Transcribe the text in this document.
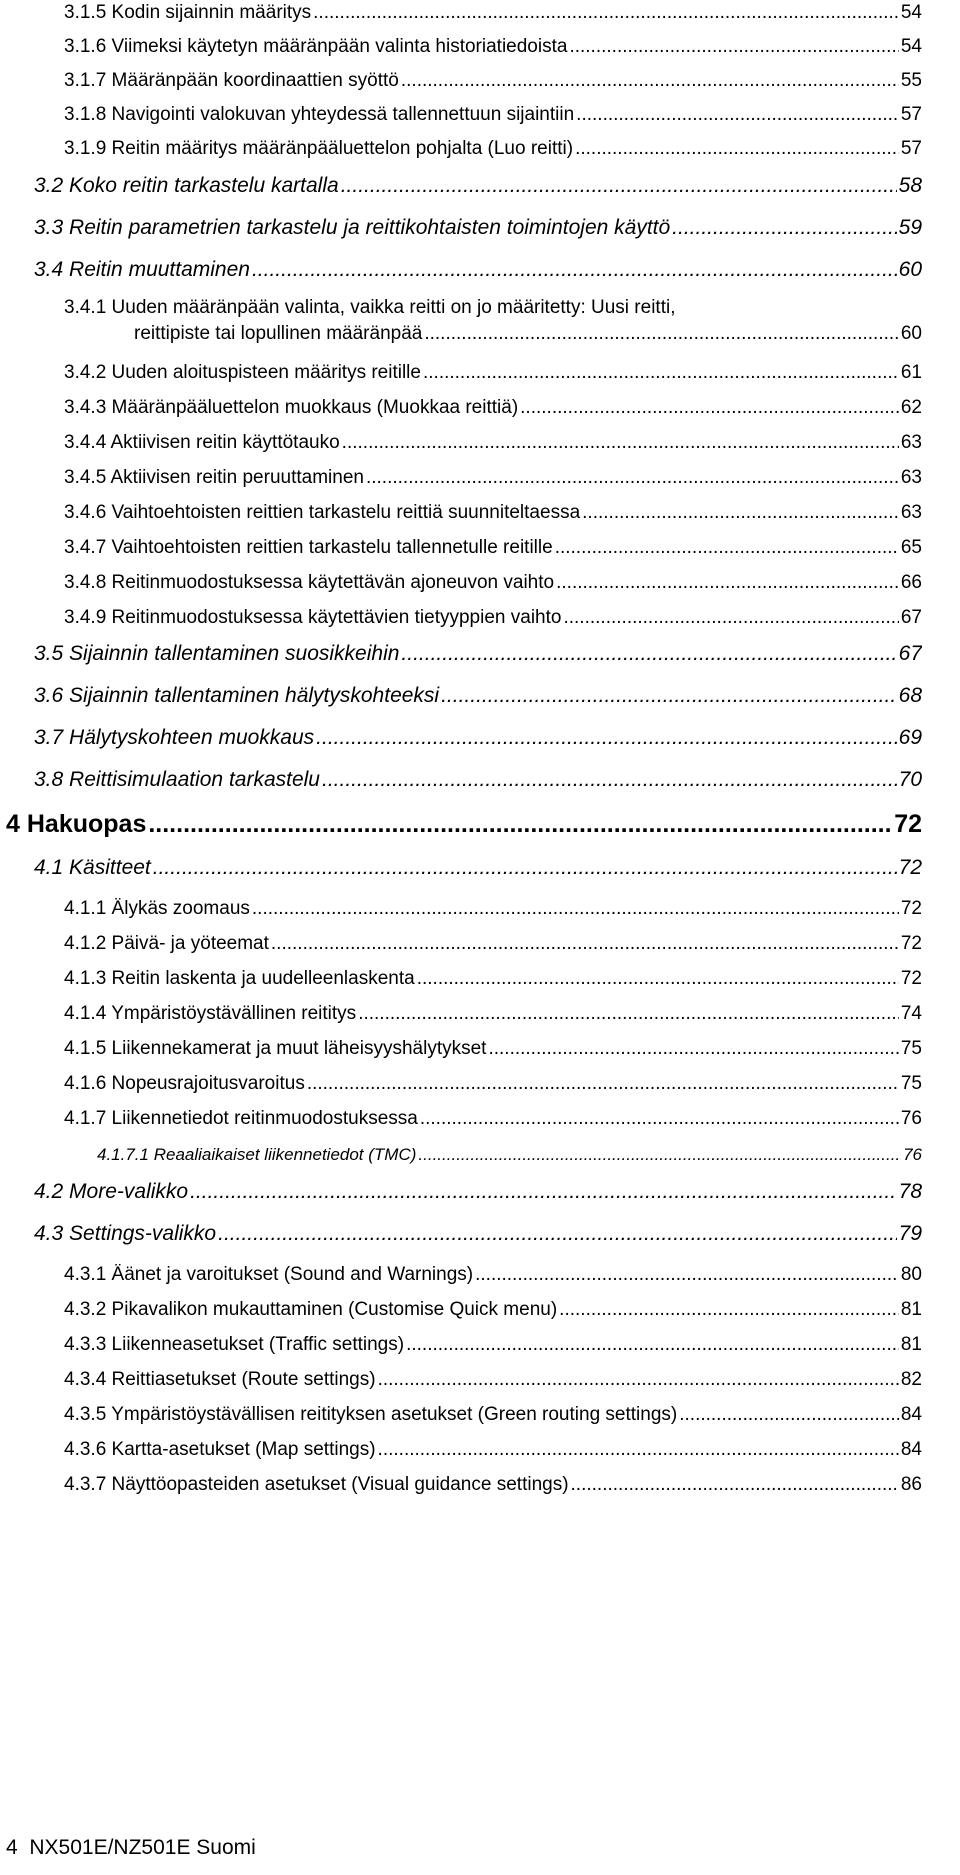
3.1.5 Kodin sijainnin määritys .....	54
3.1.6 Viimeksi käytetyn määränpään valinta historiatiedoista .....	54
3.1.7 Määränpään koordinaattien syöttö .....	55
3.1.8 Navigointi valokuvan yhteydessä tallennettuun sijaintiin .....	57
3.1.9 Reitin määritys määränpääluettelon pohjalta (Luo reitti) .....	57
3.2 Koko reitin tarkastelu kartalla .....	58
3.3 Reitin parametrien tarkastelu ja reittikohtaisten toimintojen käyttö .....	59
3.4 Reitin muuttaminen .....	60
3.4.1 Uuden määränpään valinta, vaikka reitti on jo määritetty: Uusi reitti,
reittipiste tai lopullinen määränpää .....	60
3.4.2 Uuden aloituspisteen määritys reitille .....	61
3.4.3 Määränpääluettelon muokkaus (Muokkaa reittiä) .....	62
3.4.4 Aktiivisen reitin käyttötauko .....	63
3.4.5 Aktiivisen reitin peruuttaminen .....	63
3.4.6 Vaihtoehtoisten reittien tarkastelu reittiä suunniteltaessa .....	63
3.4.7 Vaihtoehtoisten reittien tarkastelu tallennetulle reitille .....	65
3.4.8 Reitinmuodostuksessa käytettävän ajoneuvon vaihto .....	66
3.4.9 Reitinmuodostuksessa käytettävien tietyyppien vaihto .....	67
3.5 Sijainnin tallentaminen suosikkeihin .....	67
3.6 Sijainnin tallentaminen hälytyskohteeksi .....	68
3.7 Hälytyskohteen muokkaus .....	69
3.8 Reittisimulaation tarkastelu .....	70
4 Hakuopas .....	72
4.1 Käsitteet .....	72
4.1.1 Älykäs zoomaus .....	72
4.1.2 Päivä- ja yöteemat .....	72
4.1.3 Reitin laskenta ja uudelleenlaskenta .....	72
4.1.4 Ympäristöystävällinen reititys .....	74
4.1.5 Liikennekamerat ja muut läheisyyshälytykset .....	75
4.1.6 Nopeusrajoitusvaroitus .....	75
4.1.7 Liikennetiedot reitinmuodostuksessa .....	76
4.1.7.1 Reaaliaikaiset liikennetiedot (TMC) .....	76
4.2 More-valikko .....	78
4.3 Settings-valikko .....	79
4.3.1 Äänet ja varoitukset (Sound and Warnings) .....	80
4.3.2 Pikavalikon mukauttaminen (Customise Quick menu) .....	81
4.3.3 Liikenneasetukset (Traffic settings) .....	81
4.3.4 Reittiasetukset (Route settings) .....	82
4.3.5 Ympäristöystävällisen reitityksen asetukset (Green routing settings) .....	84
4.3.6 Kartta-asetukset (Map settings) .....	84
4.3.7 Näyttöopasteiden asetukset (Visual guidance settings) .....	86
4 NX501E/NZ501E Suomi
